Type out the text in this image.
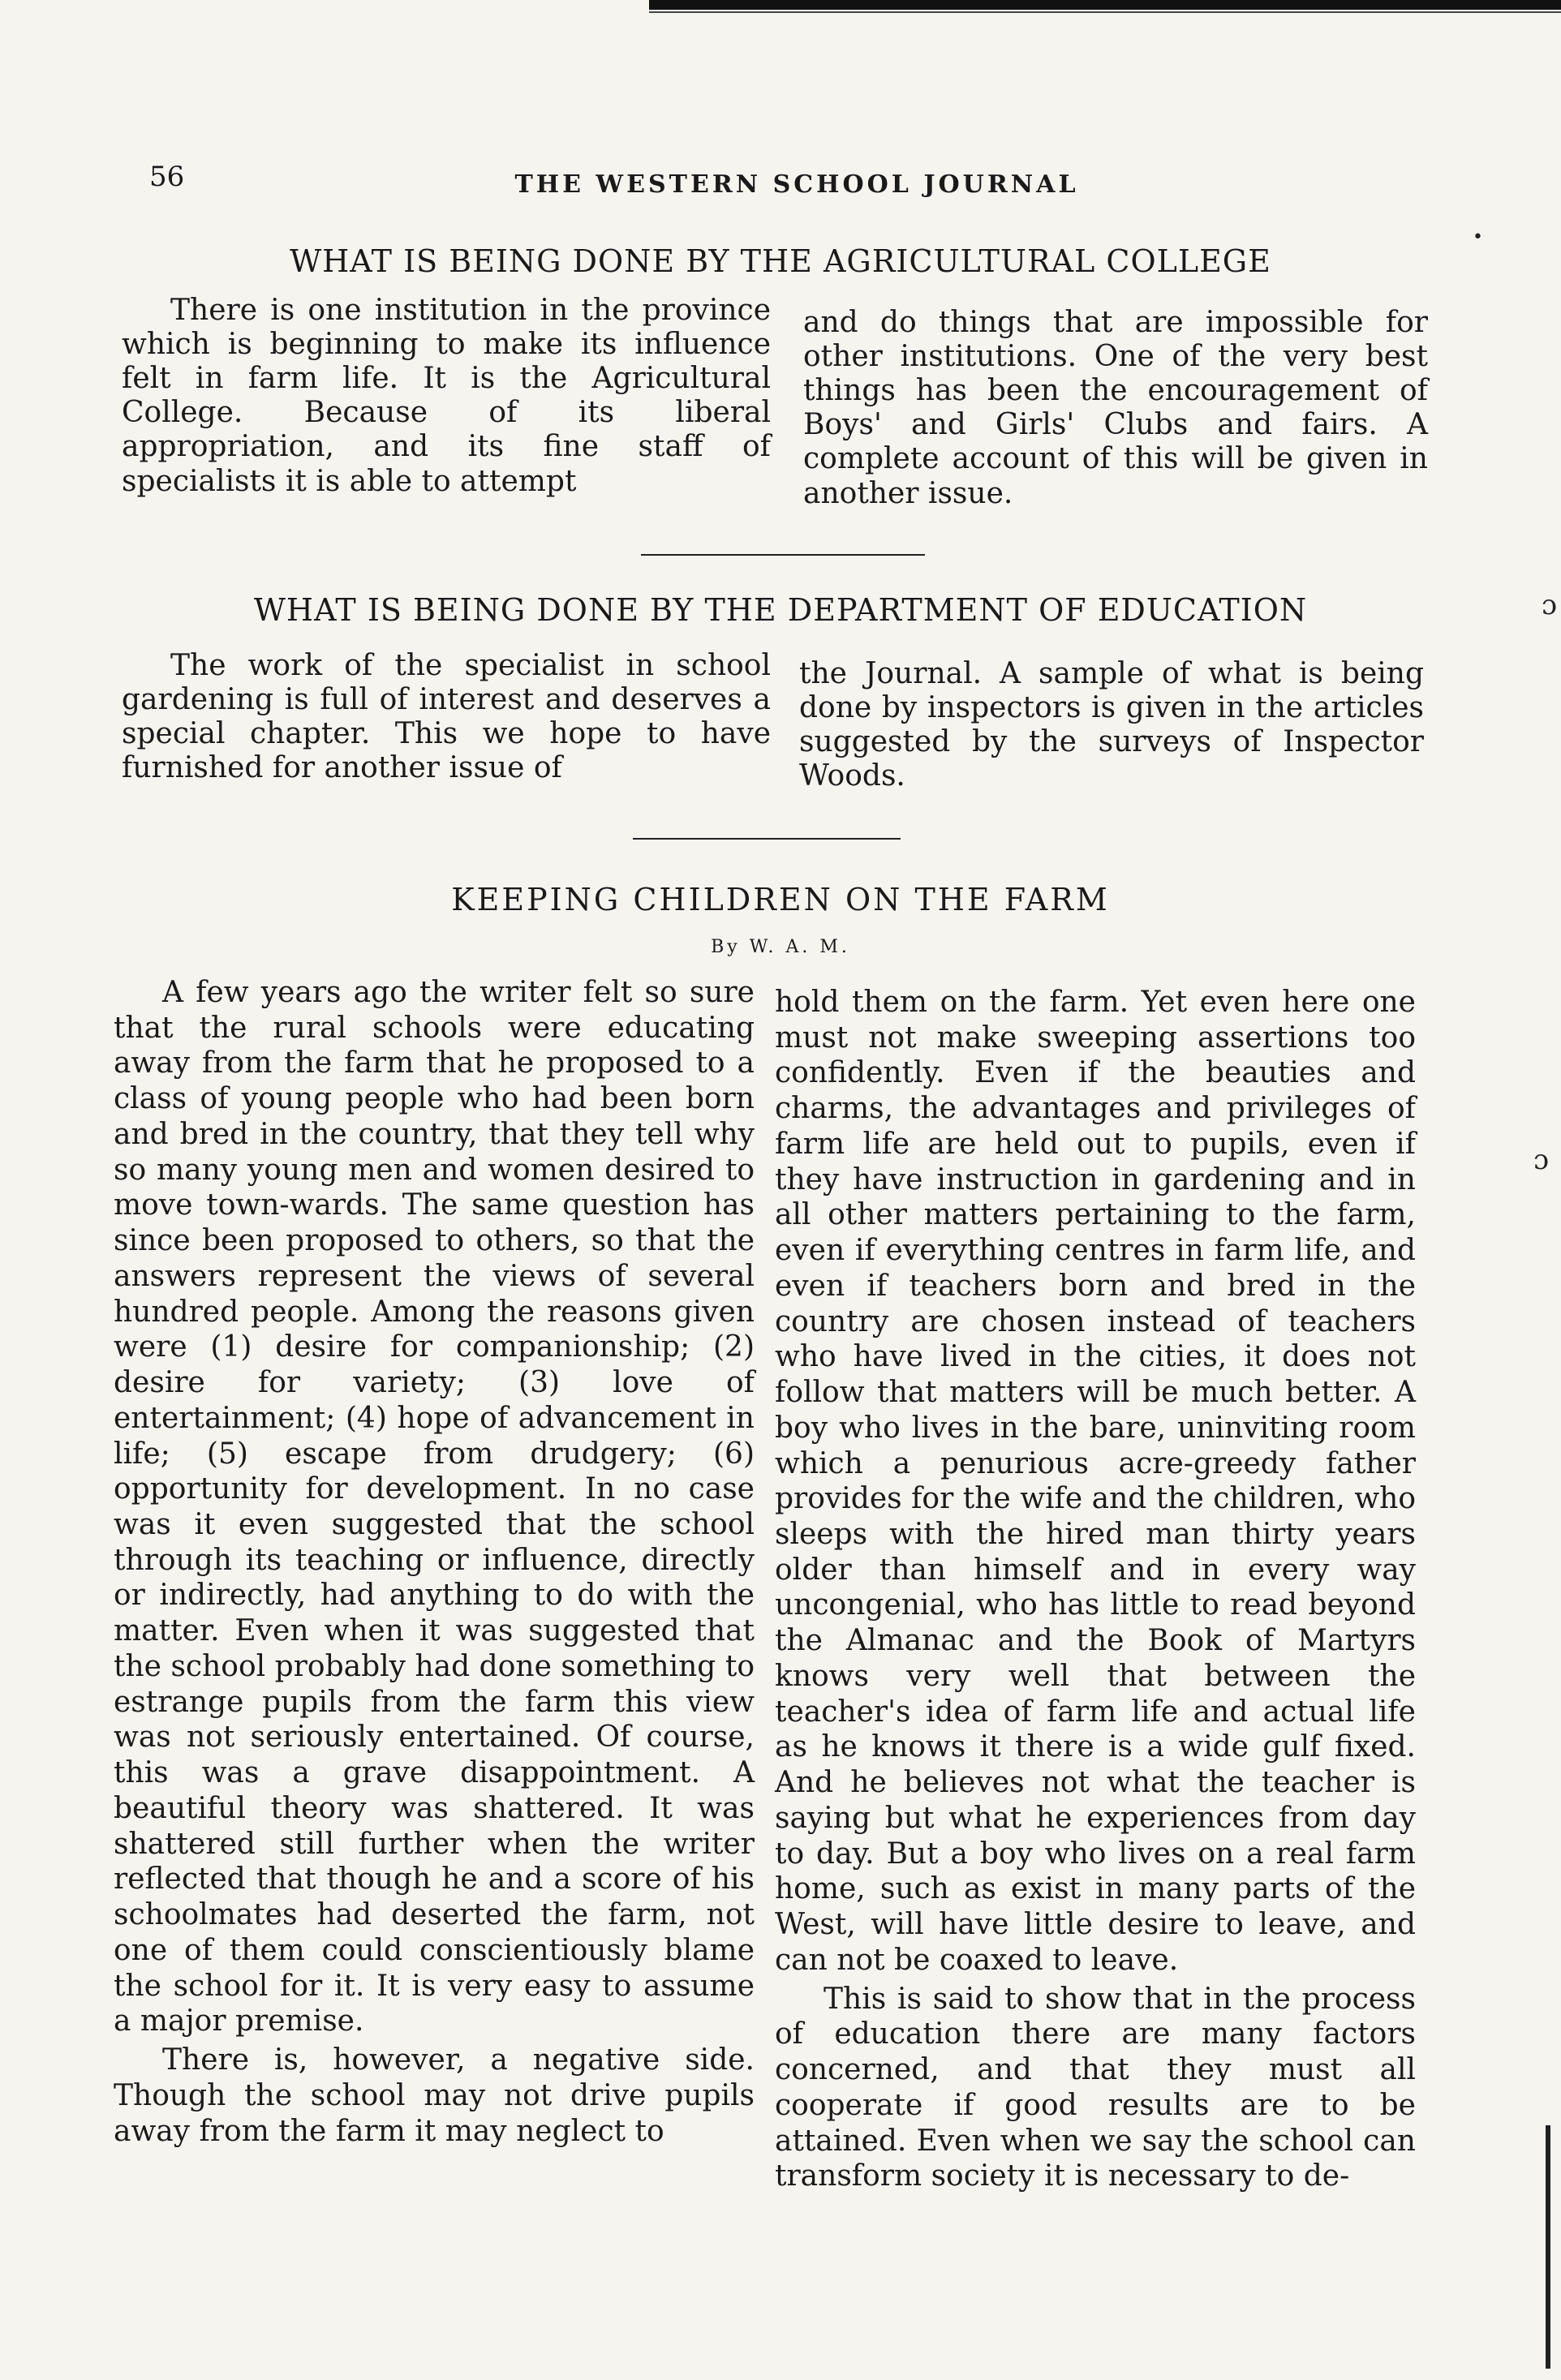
56	THE WESTERN SCHOOL JOURNAL
WHAT IS BEING DONE BY THE AGRICULTURAL COLLEGE

There is one institution in the province which is beginning to make its influence felt in farm life. It is the Agricultural College. Because of its liberal appropriation, and its fine staff of specialists it is able to attempt

and do things that are impossible for other institutions. One of the very best things has been the encouragement of Boys' and Girls' Clubs and fairs. A complete account of this will be given in another issue.

WHAT IS BEING DONE BY THE DEPARTMENT OF EDUCATION

The work of the specialist in school gardening is full of interest and deserves a special chapter. This we hope to have furnished for another issue of

the Journal. A sample of what is being done by inspectors is given in the articles suggested by the surveys of Inspector Woods.

KEEPING CHILDREN ON THE FARM
By W. A. M.

A few years ago the writer felt so sure that the rural schools were educating away from the farm that he proposed to a class of young people who had been born and bred in the country, that they tell why so many young men and women desired to move town-wards. The same question has since been proposed to others, so that the answers represent the views of several hundred people. Among the reasons given were (1) desire for companionship; (2) desire for variety; (3) love of entertainment; (4) hope of advancement in life; (5) escape from drudgery; (6) opportunity for development. In no case was it even suggested that the school through its teaching or influence, directly or indirectly, had anything to do with the matter. Even when it was suggested that the school probably had done something to estrange pupils from the farm this view was not seriously entertained. Of course, this was a grave disappointment. A beautiful theory was shattered. It was shattered still further when the writer reflected that though he and a score of his schoolmates had deserted the farm, not one of them could conscientiously blame the school for it. It is very easy to assume a major premise.

There is, however, a negative side. Though the school may not drive pupils away from the farm it may neglect to

hold them on the farm. Yet even here one must not make sweeping assertions too confidently. Even if the beauties and charms, the advantages and privileges of farm life are held out to pupils, even if they have instruction in gardening and in all other matters pertaining to the farm, even if everything centres in farm life, and even if teachers born and bred in the country are chosen instead of teachers who have lived in the cities, it does not follow that matters will be much better. A boy who lives in the bare, uninviting room which a penurious acre-greedy father provides for the wife and the children, who sleeps with the hired man thirty years older than himself and in every way uncongenial, who has little to read beyond the Almanac and the Book of Martyrs knows very well that between the teacher's idea of farm life and actual life as he knows it there is a wide gulf fixed. And he believes not what the teacher is saying but what he experiences from day to day. But a boy who lives on a real farm home, such as exist in many parts of the West, will have little desire to leave, and can not be coaxed to leave.

This is said to show that in the process of education there are many factors concerned, and that they must all cooperate if good results are to be attained. Even when we say the school can transform society it is necessary to de-

•
ɔ
ɔ
